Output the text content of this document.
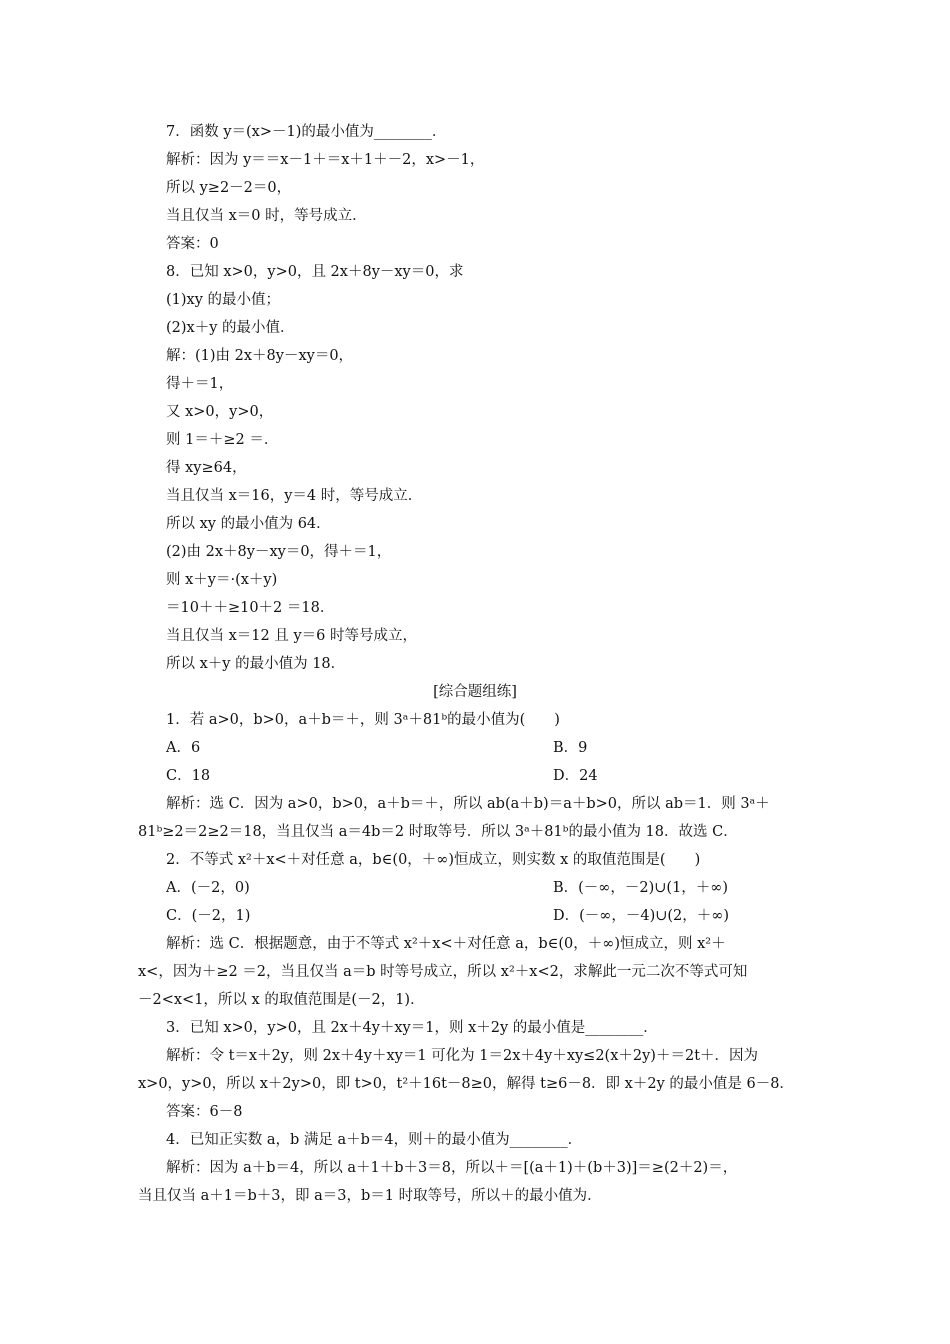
7．函数 y＝(x>－1)的最小值为________．
解析：因为 y＝＝x－1＋＝x＋1＋－2，x>－1，
所以 y≥2－2＝0，
当且仅当 x＝0 时，等号成立．
答案：0
8．已知 x>0，y>0，且 2x＋8y－xy＝0，求
(1)xy 的最小值；
(2)x＋y 的最小值．
解：(1)由 2x＋8y－xy＝0，
得＋＝1，
又 x>0，y>0，
则 1＝＋≥2 ＝．
得 xy≥64，
当且仅当 x＝16，y＝4 时，等号成立．
所以 xy 的最小值为 64．
(2)由 2x＋8y－xy＝0，得＋＝1，
则 x＋y＝·(x＋y)
＝10＋＋≥10＋2 ＝18．
当且仅当 x＝12 且 y＝6 时等号成立，
所以 x＋y 的最小值为 18．
[综合题组练]
1．若 a>0，b>0，a＋b＝＋，则 3ᵃ＋81ᵇ的最小值为(　　)
A．6	B．9
C．18	D．24
解析：选 C．因为 a>0，b>0，a＋b＝＋，所以 ab(a＋b)＝a＋b>0，所以 ab＝1．则 3ᵃ＋
81ᵇ≥2＝2≥2＝18，当且仅当 a＝4b＝2 时取等号．所以 3ᵃ＋81ᵇ的最小值为 18．故选 C．
2．不等式 x²＋x<＋对任意 a，b∈(0，＋∞)恒成立，则实数 x 的取值范围是(　　)
A．(－2，0)	B．(－∞，－2)∪(1，＋∞)
C．(－2，1)	D．(－∞，－4)∪(2，＋∞)
解析：选 C．根据题意，由于不等式 x²＋x<＋对任意 a，b∈(0，＋∞)恒成立，则 x²＋
x<，因为＋≥2 ＝2，当且仅当 a＝b 时等号成立，所以 x²＋x<2，求解此一元二次不等式可知
－2<x<1，所以 x 的取值范围是(－2，1)．
3．已知 x>0，y>0，且 2x＋4y＋xy＝1，则 x＋2y 的最小值是________．
解析：令 t＝x＋2y，则 2x＋4y＋xy＝1 可化为 1＝2x＋4y＋xy≤2(x＋2y)＋＝2t＋．因为
x>0，y>0，所以 x＋2y>0，即 t>0，t²＋16t－8≥0，解得 t≥6－8．即 x＋2y 的最小值是 6－8．
答案：6－8
4．已知正实数 a，b 满足 a＋b＝4，则＋的最小值为________．
解析：因为 a＋b＝4，所以 a＋1＋b＋3＝8，所以＋＝[(a＋1)＋(b＋3)]＝≥(2＋2)＝，
当且仅当 a＋1＝b＋3，即 a＝3，b＝1 时取等号，所以＋的最小值为．
